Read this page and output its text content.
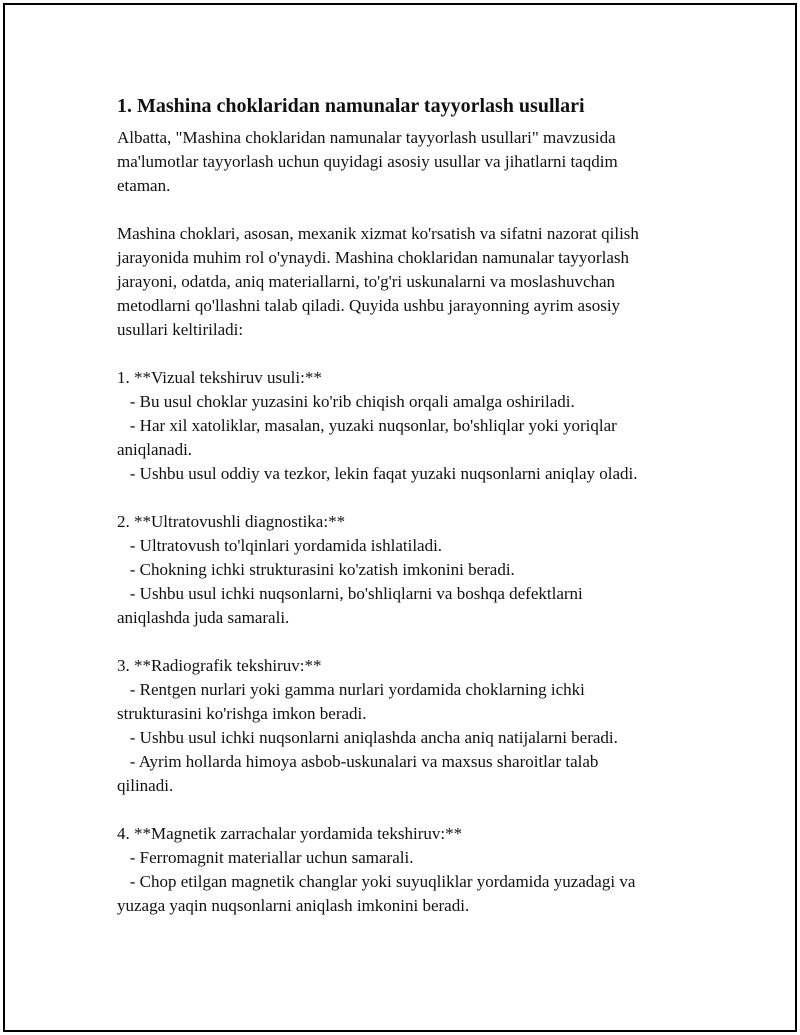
1. Mashina choklaridan namunalar tayyorlash usullari

Albatta, "Mashina choklaridan namunalar tayyorlash usullari" mavzusida
ma'lumotlar tayyorlash uchun quyidagi asosiy usullar va jihatlarni taqdim
etaman.

Mashina choklari, asosan, mexanik xizmat ko'rsatish va sifatni nazorat qilish
jarayonida muhim rol o'ynaydi. Mashina choklaridan namunalar tayyorlash
jarayoni, odatda, aniq materiallarni, to'g'ri uskunalarni va moslashuvchan
metodlarni qo'llashni talab qiladi. Quyida ushbu jarayonning ayrim asosiy
usullari keltiriladi:

1. **Vizual tekshiruv usuli:**
- Bu usul choklar yuzasini ko'rib chiqish orqali amalga oshiriladi.
- Har xil xatoliklar, masalan, yuzaki nuqsonlar, bo'shliqlar yoki yoriqlar
aniqlanadi.
- Ushbu usul oddiy va tezkor, lekin faqat yuzaki nuqsonlarni aniqlay oladi.

2. **Ultratovushli diagnostika:**
- Ultratovush to'lqinlari yordamida ishlatiladi.
- Chokning ichki strukturasini ko'zatish imkonini beradi.
- Ushbu usul ichki nuqsonlarni, bo'shliqlarni va boshqa defektlarni
aniqlashda juda samarali.

3. **Radiografik tekshiruv:**
- Rentgen nurlari yoki gamma nurlari yordamida choklarning ichki
strukturasini ko'rishga imkon beradi.
- Ushbu usul ichki nuqsonlarni aniqlashda ancha aniq natijalarni beradi.
- Ayrim hollarda himoya asbob-uskunalari va maxsus sharoitlar talab
qilinadi.

4. **Magnetik zarrachalar yordamida tekshiruv:**
- Ferromagnit materiallar uchun samarali.
- Chop etilgan magnetik changlar yoki suyuqliklar yordamida yuzadagi va
yuzaga yaqin nuqsonlarni aniqlash imkonini beradi.
